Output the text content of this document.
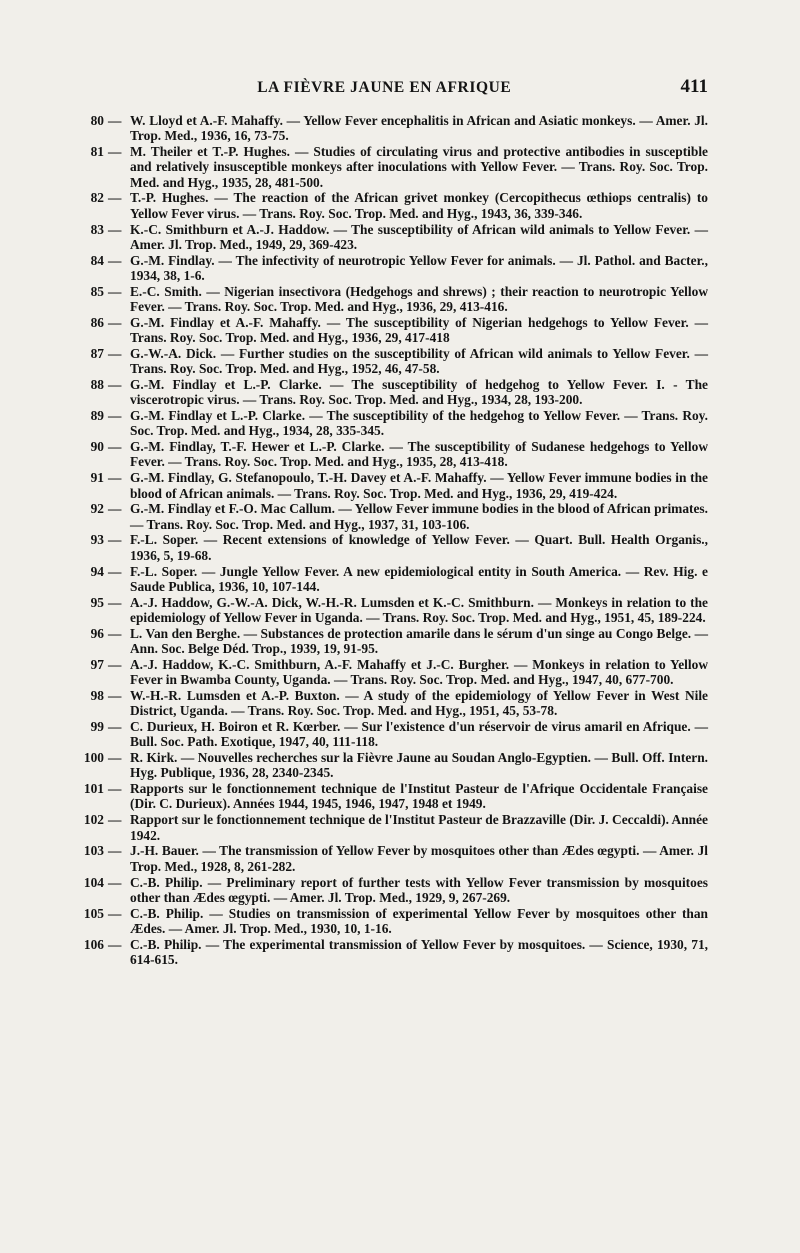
LA FIÈVRE JAUNE EN AFRIQUE	411
80 — W. Lloyd et A.-F. Mahaffy. — Yellow Fever encephalitis in African and Asiatic monkeys. — Amer. Jl. Trop. Med., 1936, 16, 73-75.
81 — M. Theiler et T.-P. Hughes. — Studies of circulating virus and protective antibodies in susceptible and relatively insusceptible monkeys after inoculations with Yellow Fever. — Trans. Roy. Soc. Trop. Med. and Hyg., 1935, 28, 481-500.
82 — T.-P. Hughes. — The reaction of the African grivet monkey (Cercopithecus œthiops centralis) to Yellow Fever virus. — Trans. Roy. Soc. Trop. Med. and Hyg., 1943, 36, 339-346.
83 — K.-C. Smithburn et A.-J. Haddow. — The susceptibility of African wild animals to Yellow Fever. — Amer. Jl. Trop. Med., 1949, 29, 369-423.
84 — G.-M. Findlay. — The infectivity of neurotropic Yellow Fever for animals. — Jl. Pathol. and Bacter., 1934, 38, 1-6.
85 — E.-C. Smith. — Nigerian insectivora (Hedgehogs and shrews) ; their reaction to neurotropic Yellow Fever. — Trans. Roy. Soc. Trop. Med. and Hyg., 1936, 29, 413-416.
86 — G.-M. Findlay et A.-F. Mahaffy. — The susceptibility of Nigerian hedgehogs to Yellow Fever. — Trans. Roy. Soc. Trop. Med. and Hyg., 1936, 29, 417-418
87 — G.-W.-A. Dick. — Further studies on the susceptibility of African wild animals to Yellow Fever. — Trans. Roy. Soc. Trop. Med. and Hyg., 1952, 46, 47-58.
88 — G.-M. Findlay et L.-P. Clarke. — The susceptibility of hedgehog to Yellow Fever. I. - The viscerotropic virus. — Trans. Roy. Soc. Trop. Med. and Hyg., 1934, 28, 193-200.
89 — G.-M. Findlay et L.-P. Clarke. — The susceptibility of the hedgehog to Yellow Fever. — Trans. Roy. Soc. Trop. Med. and Hyg., 1934, 28, 335-345.
90 — G.-M. Findlay, T.-F. Hewer et L.-P. Clarke. — The susceptibility of Sudanese hedgehogs to Yellow Fever. — Trans. Roy. Soc. Trop. Med. and Hyg., 1935, 28, 413-418.
91 — G.-M. Findlay, G. Stefanopoulo, T.-H. Davey et A.-F. Mahaffy. — Yellow Fever immune bodies in the blood of African animals. — Trans. Roy. Soc. Trop. Med. and Hyg., 1936, 29, 419-424.
92 — G.-M. Findlay et F.-O. Mac Callum. — Yellow Fever immune bodies in the blood of African primates. — Trans. Roy. Soc. Trop. Med. and Hyg., 1937, 31, 103-106.
93 — F.-L. Soper. — Recent extensions of knowledge of Yellow Fever. — Quart. Bull. Health Organis., 1936, 5, 19-68.
94 — F.-L. Soper. — Jungle Yellow Fever. A new epidemiological entity in South America. — Rev. Hig. e Saude Publica, 1936, 10, 107-144.
95 — A.-J. Haddow, G.-W.-A. Dick, W.-H.-R. Lumsden et K.-C. Smithburn. — Monkeys in relation to the epidemiology of Yellow Fever in Uganda. — Trans. Roy. Soc. Trop. Med. and Hyg., 1951, 45, 189-224.
96 — L. Van den Berghe. — Substances de protection amarile dans le sérum d'un singe au Congo Belge. — Ann. Soc. Belge Déd. Trop., 1939, 19, 91-95.
97 — A.-J. Haddow, K.-C. Smithburn, A.-F. Mahaffy et J.-C. Burgher. — Monkeys in relation to Yellow Fever in Bwamba County, Uganda. — Trans. Roy. Soc. Trop. Med. and Hyg., 1947, 40, 677-700.
98 — W.-H.-R. Lumsden et A.-P. Buxton. — A study of the epidemiology of Yellow Fever in West Nile District, Uganda. — Trans. Roy. Soc. Trop. Med. and Hyg., 1951, 45, 53-78.
99 — C. Durieux, H. Boiron et R. Kœrber. — Sur l'existence d'un réservoir de virus amaril en Afrique. — Bull. Soc. Path. Exotique, 1947, 40, 111-118.
100 — R. Kirk. — Nouvelles recherches sur la Fièvre Jaune au Soudan Anglo-Egyptien. — Bull. Off. Intern. Hyg. Publique, 1936, 28, 2340-2345.
101 — Rapports sur le fonctionnement technique de l'Institut Pasteur de l'Afrique Occidentale Française (Dir. C. Durieux). Années 1944, 1945, 1946, 1947, 1948 et 1949.
102 — Rapport sur le fonctionnement technique de l'Institut Pasteur de Brazzaville (Dir. J. Ceccaldi). Année 1942.
103 — J.-H. Bauer. — The transmission of Yellow Fever by mosquitoes other than Ædes œgypti. — Amer. Jl Trop. Med., 1928, 8, 261-282.
104 — C.-B. Philip. — Preliminary report of further tests with Yellow Fever transmission by mosquitoes other than Ædes œgypti. — Amer. Jl. Trop. Med., 1929, 9, 267-269.
105 — C.-B. Philip. — Studies on transmission of experimental Yellow Fever by mosquitoes other than Ædes. — Amer. Jl. Trop. Med., 1930, 10, 1-16.
106 — C.-B. Philip. — The experimental transmission of Yellow Fever by mosquitoes. — Science, 1930, 71, 614-615.
